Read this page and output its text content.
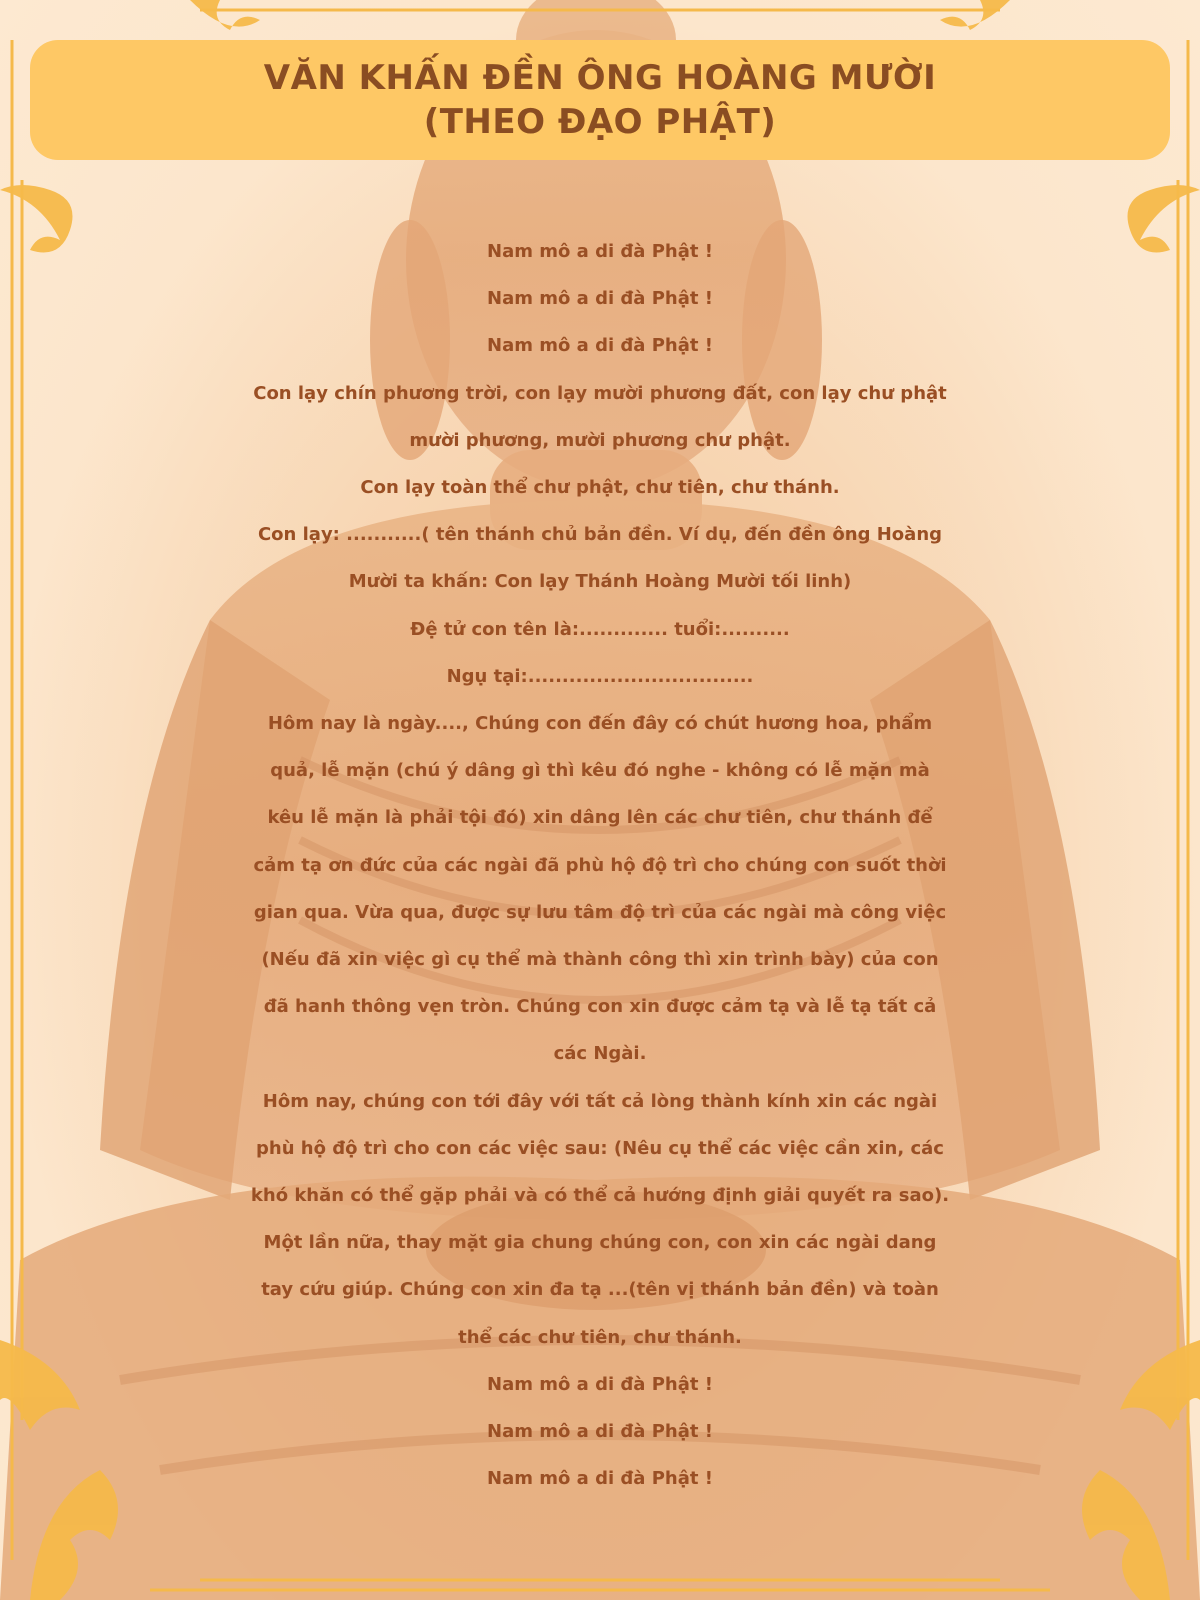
VĂN KHẤN ĐỀN ÔNG HOÀNG MƯỜI
(THEO ĐẠO PHẬT)
Nam mô a di đà Phật !
Nam mô a di đà Phật !
Nam mô a di đà Phật !
Con lạy chín phương trời, con lạy mười phương đất, con lạy chư phật
mười phương, mười phương chư phật.
Con lạy toàn thể chư phật, chư tiên, chư thánh.
Con lạy: ...........( tên thánh chủ bản đền. Ví dụ, đến đền ông Hoàng
Mười ta khấn: Con lạy Thánh Hoàng Mười tối linh)
Đệ tử con tên là:............. tuổi:..........
Ngụ tại:.................................
Hôm nay là ngày...., Chúng con đến đây có chút hương hoa, phẩm
quả, lễ mặn (chú ý dâng gì thì kêu đó nghe - không có lễ mặn mà
kêu lễ mặn là phải tội đó) xin dâng lên các chư tiên, chư thánh để
cảm tạ ơn đức của các ngài đã phù hộ độ trì cho chúng con suốt thời
gian qua. Vừa qua, được sự lưu tâm độ trì của các ngài mà công việc
(Nếu đã xin việc gì cụ thể mà thành công thì xin trình bày) của con
đã hanh thông vẹn tròn. Chúng con xin được cảm tạ và lễ tạ tất cả
các Ngài.
Hôm nay, chúng con tới đây với tất cả lòng thành kính xin các ngài
phù hộ độ trì cho con các việc sau: (Nêu cụ thể các việc cần xin, các
khó khăn có thể gặp phải và có thể cả hướng định giải quyết ra sao).
Một lần nữa, thay mặt gia chung chúng con, con xin các ngài dang
tay cứu giúp. Chúng con xin đa tạ ...(tên vị thánh bản đền) và toàn
thể các chư tiên, chư thánh.
Nam mô a di đà Phật !
Nam mô a di đà Phật !
Nam mô a di đà Phật !
